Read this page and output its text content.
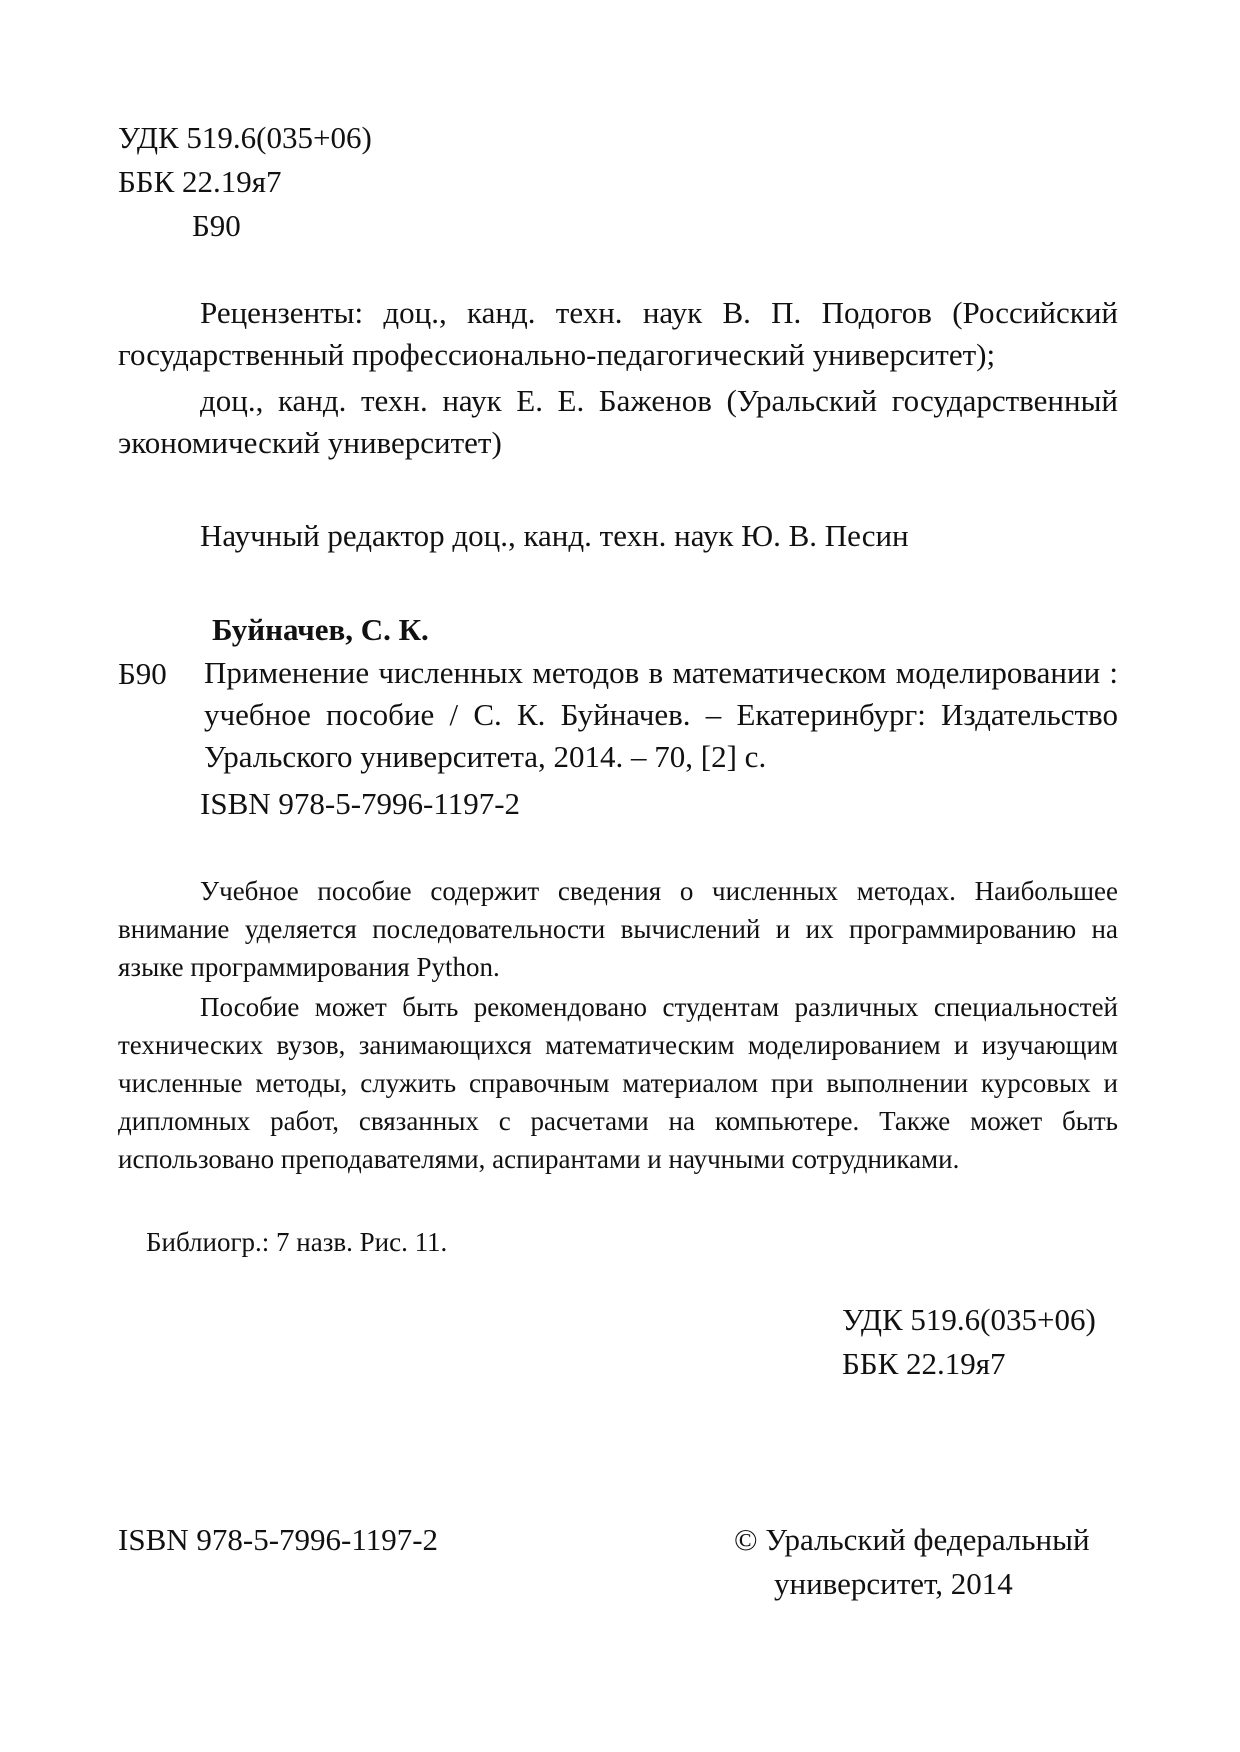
УДК 519.6(035+06)
ББК 22.19я7
Б90
Рецензенты: доц., канд. техн. наук В. П. Подогов (Российский государственный профессионально-педагогический университет);
доц., канд. техн. наук Е. Е. Баженов (Уральский государственный экономический университет)
Научный редактор доц., канд. техн. наук Ю. В. Песин
Буйначев, С. К.
Б90 Применение численных методов в математическом моделировании : учебное пособие / С. К. Буйначев. – Екатеринбург: Издательство Уральского университета, 2014. – 70, [2] с.
ISBN 978-5-7996-1197-2
Учебное пособие содержит сведения о численных методах. Наибольшее внимание уделяется последовательности вычислений и их программированию на языке программирования Python.
Пособие может быть рекомендовано студентам различных специальностей технических вузов, занимающихся математическим моделированием и изучающим численные методы, служить справочным материалом при выполнении курсовых и дипломных работ, связанных с расчетами на компьютере. Также может быть использовано преподавателями, аспирантами и научными сотрудниками.
Библиогр.: 7 назв. Рис. 11.
УДК 519.6(035+06)
ББК 22.19я7
ISBN 978-5-7996-1197-2	© Уральский федеральный
университет, 2014
